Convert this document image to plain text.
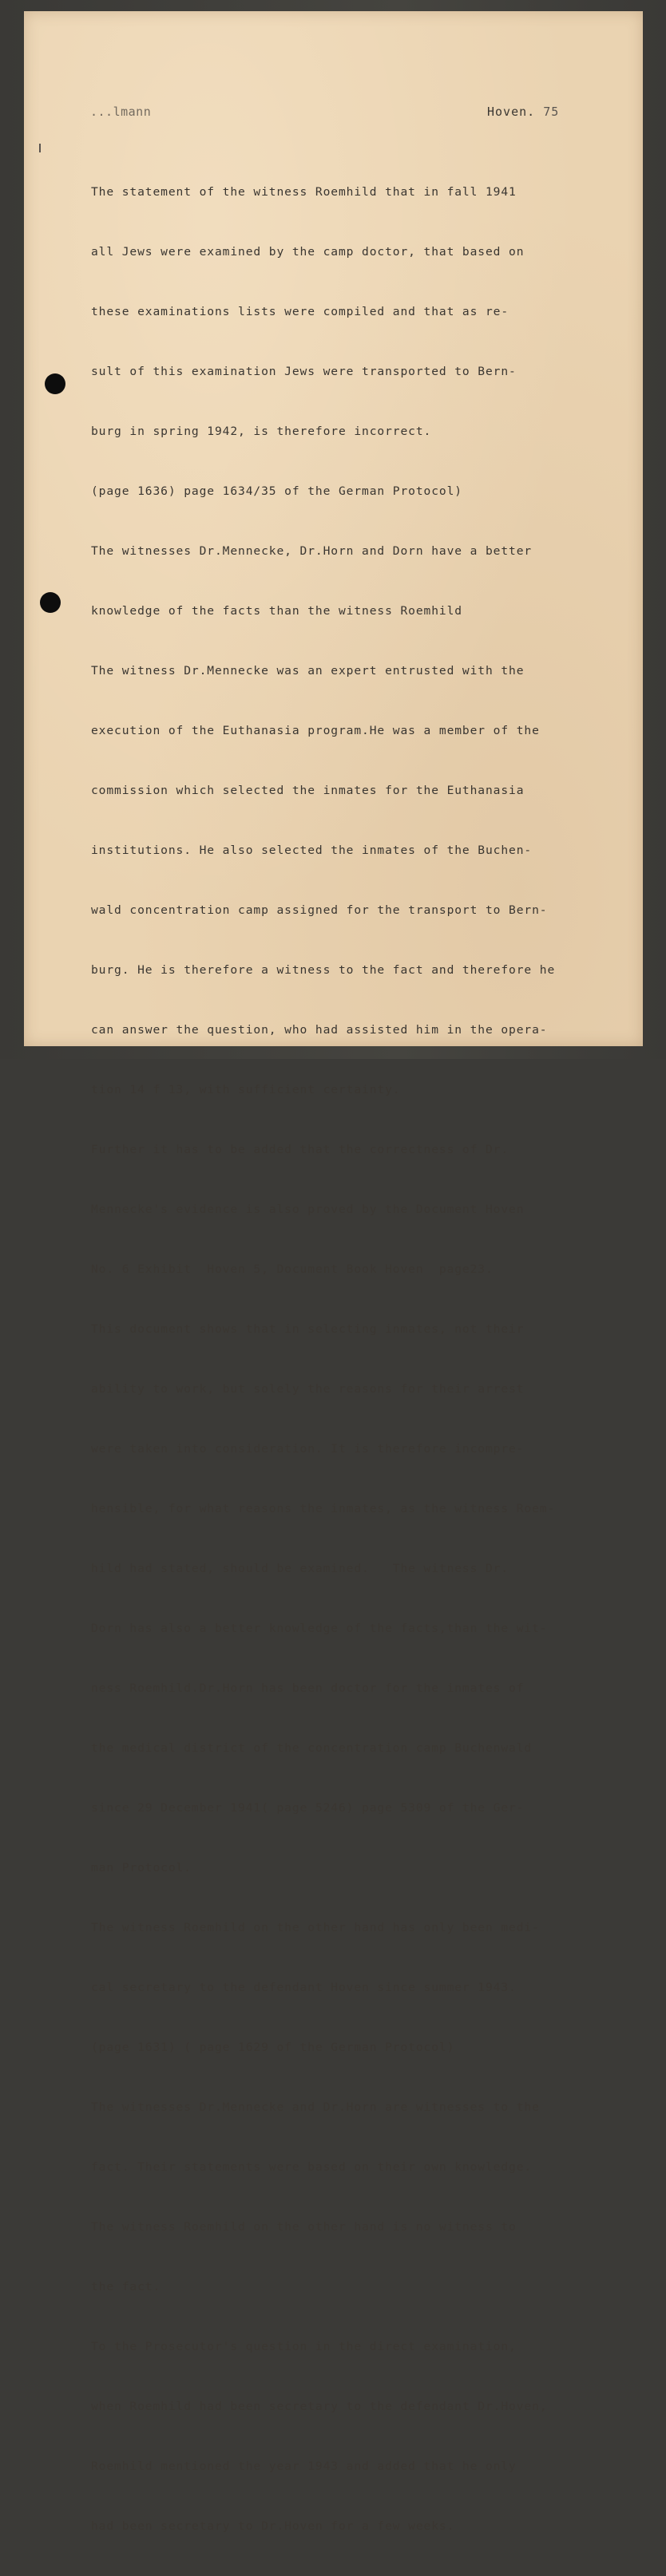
...lmann	Hoven. 75

The statement of the witness Roemhild that in fall 1941

all Jews were examined by the camp doctor, that based on

these examinations lists were compiled and that as re-

sult of this examination Jews were transported to Bern-

burg in spring 1942, is therefore incorrect.

(page 1636) page 1634/35 of the German Protocol)

The witnesses Dr.Mennecke, Dr.Horn and Dorn have a better

knowledge of the facts than the witness Roemhild

The witness Dr.Mennecke was an expert entrusted with the

execution of the Euthanasia program.He was a member of the

commission which selected the inmates for the Euthanasia

institutions. He also selected the inmates of the Buchen-

wald concentration camp assigned for the transport to Bern-

burg. He is therefore a witness to the fact and therefore he

can answer the question, who had assisted him in the opera-

tion 14 f 13, with sufficient certainty.

Further it has to be added that the correctness of Dr.

Mennecke's evidence is also proved by the Document Hoven

No. 6 Exhibit  Hoven 5, Document Book Hoven  page23.

This document shows that in selecting inmates, not their

ability to work, but solely the reasons for their arrest

were taken into consideration. It is therefore incompre-

hensible, for what reasons the inmates, as the witness Roem-

hild had stated, should be examined.   The witness Dr.

Dorn has also a better knowledge of the facts,than the wit-

ness Roemhild.Dr.Horn has been doctor for the inmates of

the medical district of the concentration camp Buchenwald

since 29 December 1941( page 5246) page 5309 of the Ger-

man Protocol.

The witness Roemhild on the other hand has only been medi-

cal secretary to the defendant Hoven since summer 1943.

(page 1631) ( page 1629 of the German Protocol)

The witnesses Dr.Mennecke and Dr.Horn are witnesses to the

fact. Their statements were based on their own knowledge.

The witness Roemhild on the other hand is no witness to

the fact.

To the Prosecutor's question in the direct examination,

when Roemhild had been secretary to the defendant Dr.Hoven,

Roemhild mentioned the year 1943 and added that he only

had been secretary to Dr.Hoven for a few weeks.
